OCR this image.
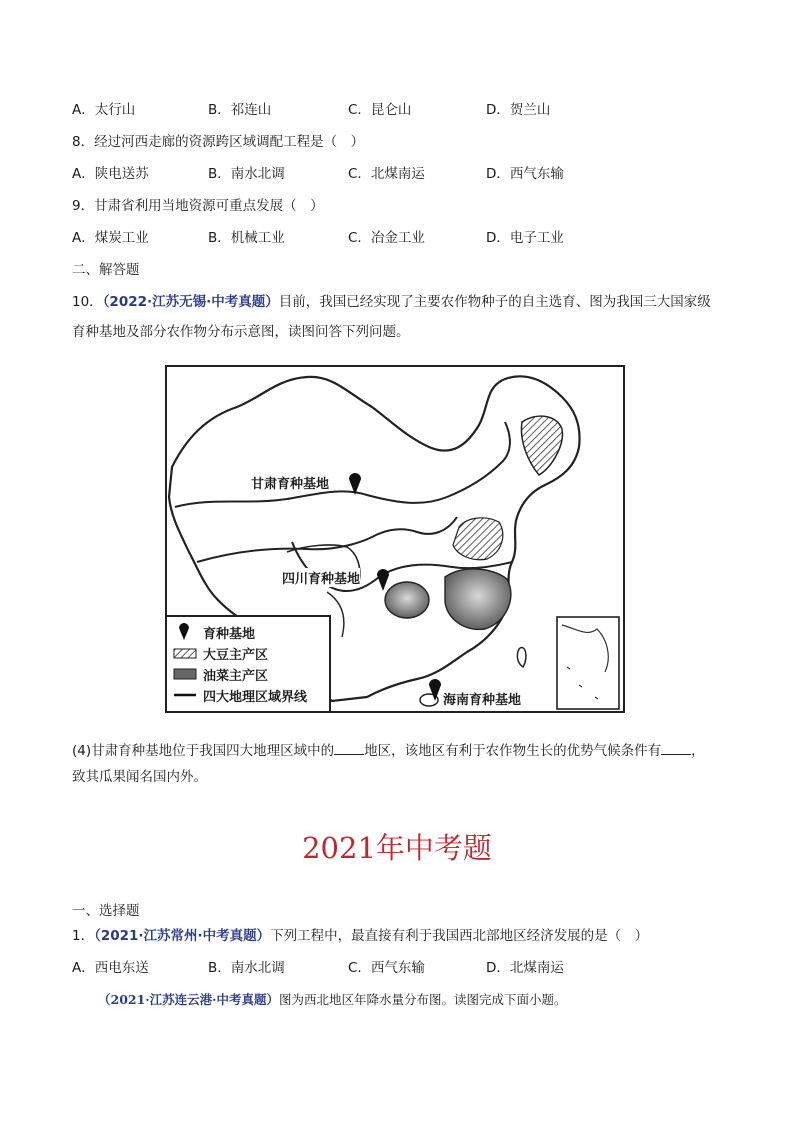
A．太行山	B．祁连山	C．昆仑山	D．贺兰山
8．经过河西走廊的资源跨区域调配工程是（　）
A．陕电送苏	B．南水北调	C．北煤南运	D．西气东输
9．甘肃省利用当地资源可重点发展（　）
A．煤炭工业	B．机械工业	C．冶金工业	D．电子工业
二、解答题
10．（2022·江苏无锡·中考真题）目前，我国已经实现了主要农作物种子的自主选育、图为我国三大国家级
育种基地及部分农作物分布示意图，读图问答下列问题。
甘肃育种基地
四川育种基地
海南育种基地
育种基地
大豆主产区
油菜主产区
四大地理区域界线
(4)甘肃育种基地位于我国四大地理区域中的 地区，该地区有利于农作物生长的优势气候条件有 ，
致其瓜果闻名国内外。
2021年中考题
一、选择题
1．（2021·江苏常州·中考真题）下列工程中，最直接有利于我国西北部地区经济发展的是（　）
A．西电东送	B．南水北调	C．西气东输	D．北煤南运
（2021·江苏连云港·中考真题）图为西北地区年降水量分布图。读图完成下面小题。
